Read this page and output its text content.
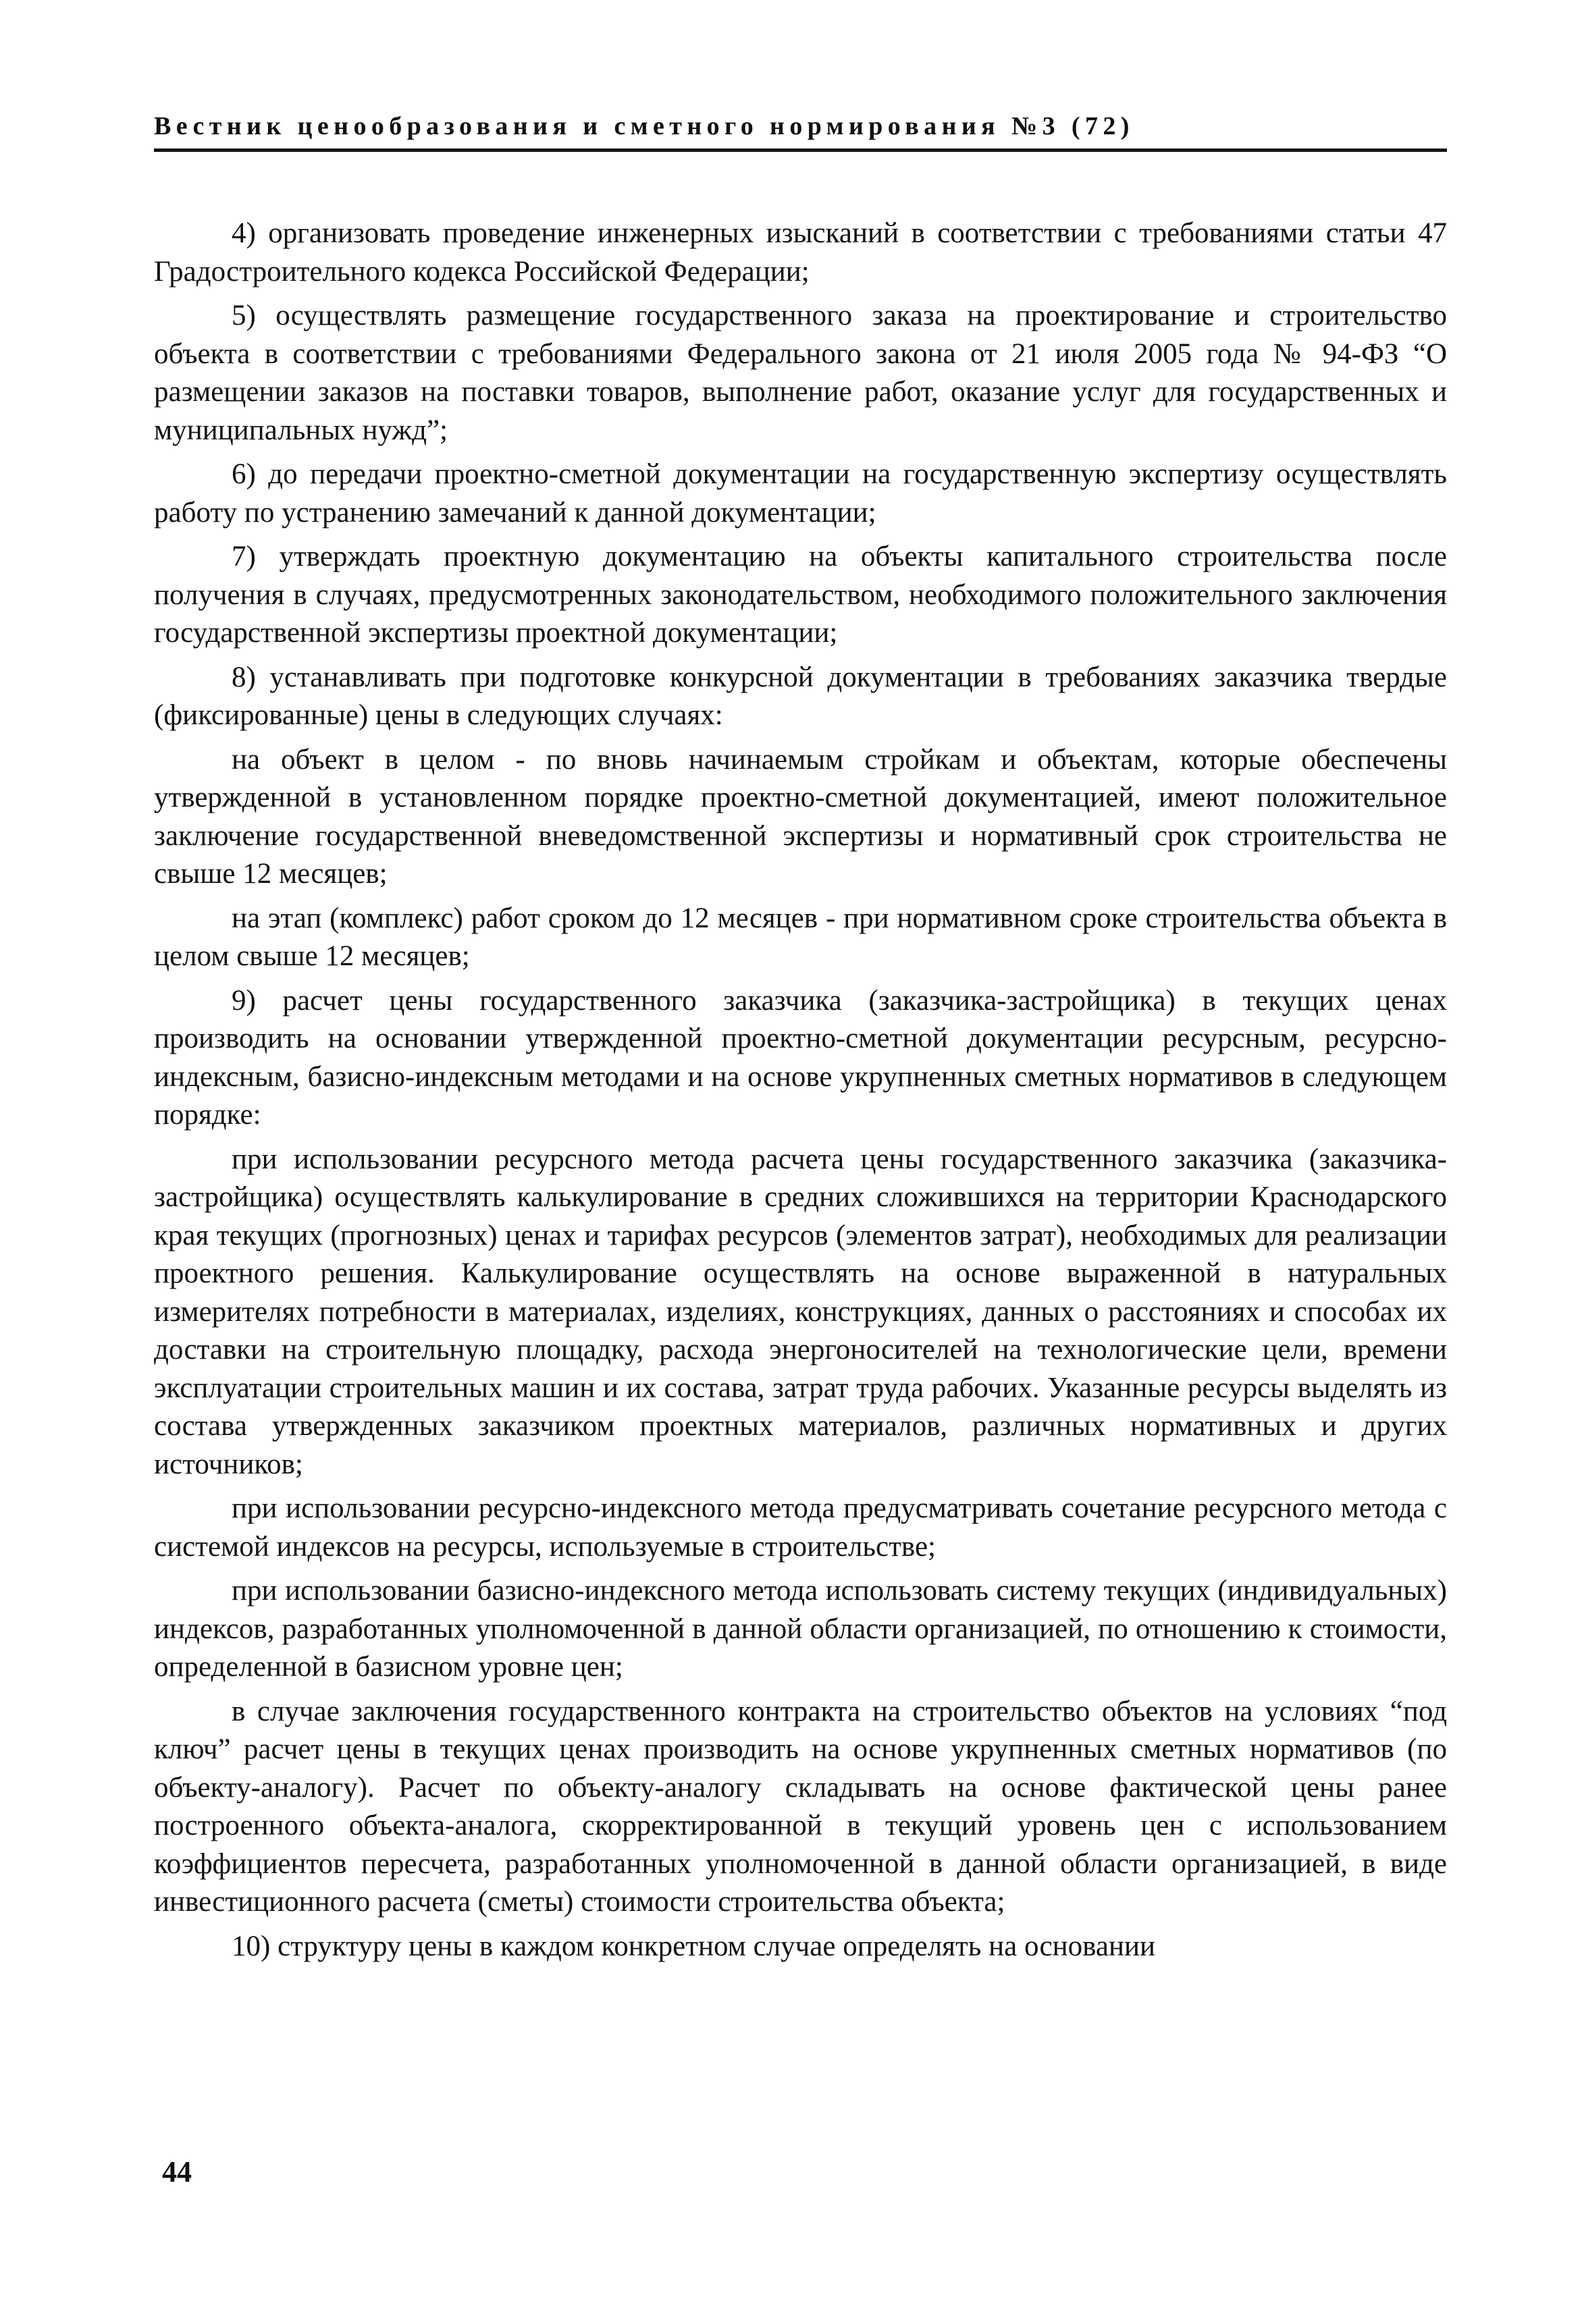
Вестник ценообразования и сметного нормирования №3 (72)

4) организовать проведение инженерных изысканий в соответствии с требованиями статьи 47 Градостроительного кодекса Российской Федерации;

5) осуществлять размещение государственного заказа на проектирование и строительство объекта в соответствии с требованиями Федерального закона от 21 июля 2005 года № 94-ФЗ “О размещении заказов на поставки товаров, выполнение работ, оказание услуг для государственных и муниципальных нужд”;

6) до передачи проектно-сметной документации на государственную экспертизу осуществлять работу по устранению замечаний к данной документации;

7) утверждать проектную документацию на объекты капитального строительства после получения в случаях, предусмотренных законодательством, необходимого положительного заключения государственной экспертизы проектной документации;

8) устанавливать при подготовке конкурсной документации в требованиях заказчика твердые (фиксированные) цены в следующих случаях:

на объект в целом - по вновь начинаемым стройкам и объектам, которые обеспечены утвержденной в установленном порядке проектно-сметной документацией, имеют положительное заключение государственной вневедомственной экспертизы и нормативный срок строительства не свыше 12 месяцев;

на этап (комплекс) работ сроком до 12 месяцев - при нормативном сроке строительства объекта в целом свыше 12 месяцев;

9) расчет цены государственного заказчика (заказчика-застройщика) в текущих ценах производить на основании утвержденной проектно-сметной документации ресурсным, ресурсно-индексным, базисно-индексным методами и на основе укрупненных сметных нормативов в следующем порядке:

при использовании ресурсного метода расчета цены государственного заказчика (заказчика-застройщика) осуществлять калькулирование в средних сложившихся на территории Краснодарского края текущих (прогнозных) ценах и тарифах ресурсов (элементов затрат), необходимых для реализации проектного решения. Калькулирование осуществлять на основе выраженной в натуральных измерителях потребности в материалах, изделиях, конструкциях, данных о расстояниях и способах их доставки на строительную площадку, расхода энергоносителей на технологические цели, времени эксплуатации строительных машин и их состава, затрат труда рабочих. Указанные ресурсы выделять из состава утвержденных заказчиком проектных материалов, различных нормативных и других источников;

при использовании ресурсно-индексного метода предусматривать сочетание ресурсного метода с системой индексов на ресурсы, используемые в строительстве;

при использовании базисно-индексного метода использовать систему текущих (индивидуальных) индексов, разработанных уполномоченной в данной области организацией, по отношению к стоимости, определенной в базисном уровне цен;

в случае заключения государственного контракта на строительство объектов на условиях “под ключ” расчет цены в текущих ценах производить на основе укрупненных сметных нормативов (по объекту-аналогу). Расчет по объекту-аналогу складывать на основе фактической цены ранее построенного объекта-аналога, скорректированной в текущий уровень цен с использованием коэффициентов пересчета, разработанных уполномоченной в данной области организацией, в виде инвестиционного расчета (сметы) стоимости строительства объекта;

10) структуру цены в каждом конкретном случае определять на основании

44
